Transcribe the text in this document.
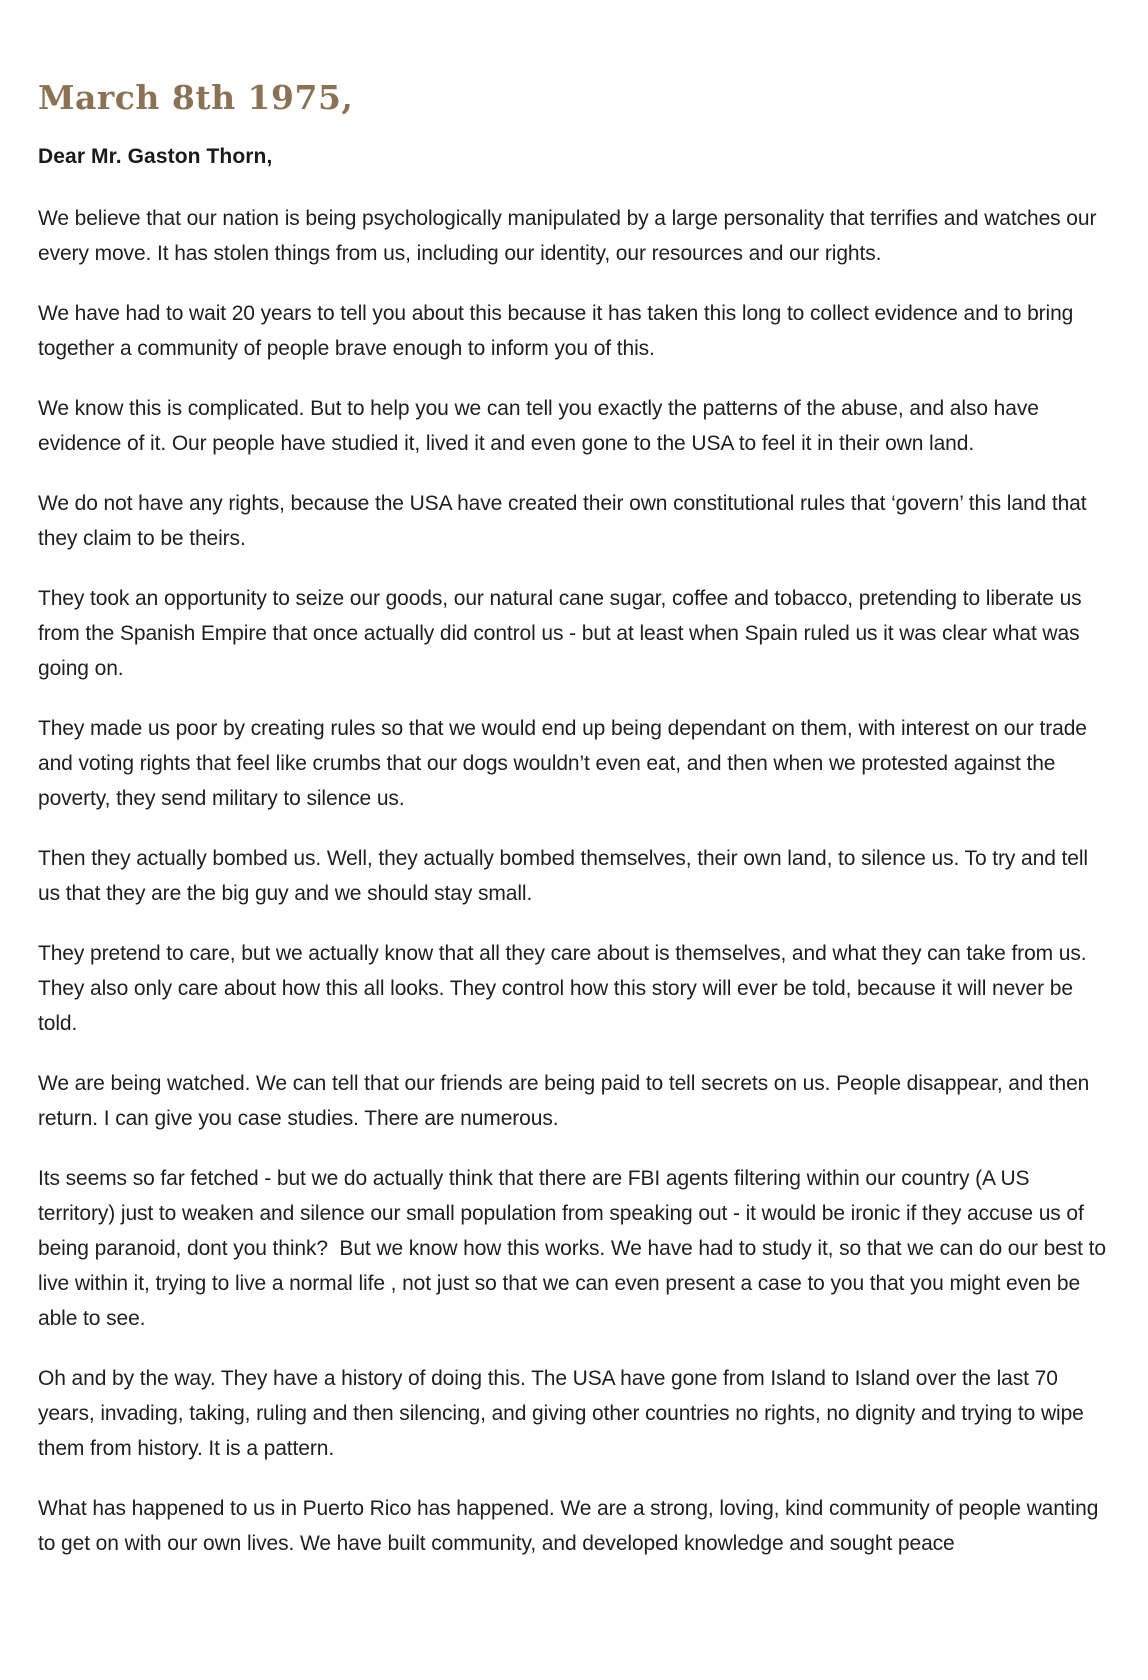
March 8th 1975,

Dear Mr. Gaston Thorn,

We believe that our nation is being psychologically manipulated by a large personality that terrifies and watches our every move. It has stolen things from us, including our identity, our resources and our rights.

We have had to wait 20 years to tell you about this because it has taken this long to collect evidence and to bring together a community of people brave enough to inform you of this.

We know this is complicated. But to help you we can tell you exactly the patterns of the abuse, and also have evidence of it. Our people have studied it, lived it and even gone to the USA to feel it in their own land.

We do not have any rights, because the USA have created their own constitutional rules that ‘govern’ this land that they claim to be theirs.

They took an opportunity to seize our goods, our natural cane sugar, coffee and tobacco, pretending to liberate us from the Spanish Empire that once actually did control us - but at least when Spain ruled us it was clear what was going on.

They made us poor by creating rules so that we would end up being dependant on them, with interest on our trade and voting rights that feel like crumbs that our dogs wouldn’t even eat, and then when we protested against the poverty, they send military to silence us.

Then they actually bombed us. Well, they actually bombed themselves, their own land, to silence us. To try and tell us that they are the big guy and we should stay small.

They pretend to care, but we actually know that all they care about is themselves, and what they can take from us. They also only care about how this all looks. They control how this story will ever be told, because it will never be told.

We are being watched. We can tell that our friends are being paid to tell secrets on us. People disappear, and then return. I can give you case studies. There are numerous.

Its seems so far fetched - but we do actually think that there are FBI agents filtering within our country (A US territory) just to weaken and silence our small population from speaking out - it would be ironic if they accuse us of being paranoid, dont you think?  But we know how this works. We have had to study it, so that we can do our best to live within it, trying to live a normal life , not just so that we can even present a case to you that you might even be able to see.

Oh and by the way. They have a history of doing this. The USA have gone from Island to Island over the last 70 years, invading, taking, ruling and then silencing, and giving other countries no rights, no dignity and trying to wipe them from history. It is a pattern.

What has happened to us in Puerto Rico has happened. We are a strong, loving, kind community of people wanting to get on with our own lives. We have built community, and developed knowledge and sought peace
